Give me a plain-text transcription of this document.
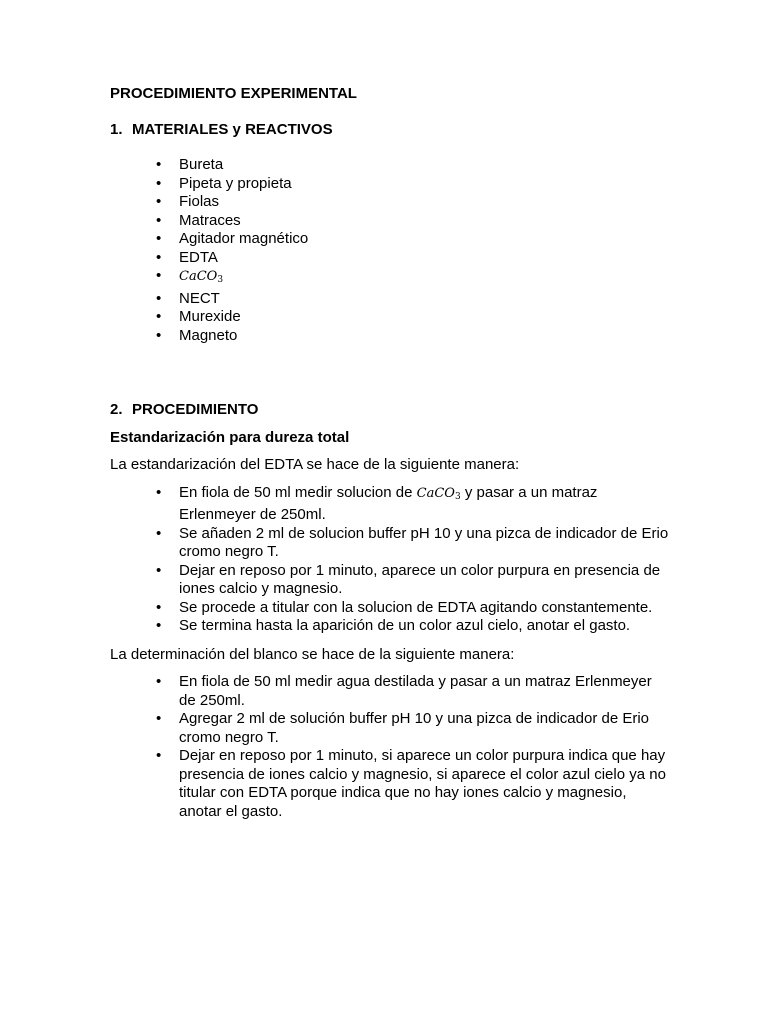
PROCEDIMIENTO EXPERIMENTAL

1. MATERIALES y REACTIVOS
• Bureta
• Pipeta y propieta
• Fiolas
• Matraces
• Agitador magnético
• EDTA
• CaCO$_3$
• NECT
• Murexide
• Magneto
2. PROCEDIMIENTO

Estandarización para dureza total

La estandarización del EDTA se hace de la siguiente manera:

• En fiola de 50 ml medir solucion de CaCO$_3$ y pasar a un matraz Erlenmeyer de 250ml.
• Se añaden 2 ml de solucion buffer pH 10 y una pizca de indicador de Erio cromo negro T.
• Dejar en reposo por 1 minuto, aparece un color purpura en presencia de iones calcio y magnesio.
• Se procede a titular con la solucion de EDTA agitando constantemente.
• Se termina hasta la aparición de un color azul cielo, anotar el gasto.

La determinación del blanco se hace de la siguiente manera:

• En fiola de 50 ml medir agua destilada y pasar a un matraz Erlenmeyer de 250ml.
• Agregar 2 ml de solución buffer pH 10 y una pizca de indicador de Erio cromo negro T.
• Dejar en reposo por 1 minuto, si aparece un color purpura indica que hay presencia de iones calcio y magnesio, si aparece el color azul cielo ya no titular con EDTA porque indica que no hay iones calcio y magnesio, anotar el gasto.
